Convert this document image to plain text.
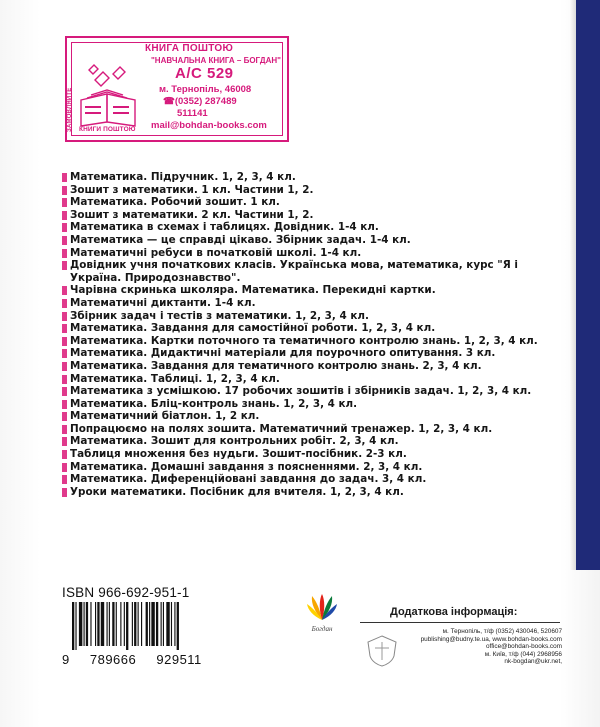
ЗАМОВЛЯЙТЕ КНИГИ ПОШТОЮ
КНИГА ПОШТОЮ
"НАВЧАЛЬНА КНИГА – БОГДАН"
А/С 529
м. Тернопіль, 46008
☎(0352) 287489
511141
mail@bohdan-books.com
Математика. Підручник. 1, 2, 3, 4 кл.
Зошит з математики. 1 кл. Частини 1, 2.
Математика. Робочий зошит. 1 кл.
Зошит з математики. 2 кл. Частини 1, 2.
Математика в схемах і таблицях. Довідник. 1-4 кл.
Математика — це справді цікаво. Збірник задач. 1-4 кл.
Математичні ребуси в початковій школі. 1-4 кл.
Довідник учня початкових класів. Українська мова, математика, курс "Я і Україна. Природознавство".
Чарівна скринька школяра. Математика. Перекидні картки.
Математичні диктанти. 1-4 кл.
Збірник задач і тестів з математики. 1, 2, 3, 4 кл.
Математика. Завдання для самостійної роботи. 1, 2, 3, 4 кл.
Математика. Картки поточного та тематичного контролю знань. 1, 2, 3, 4 кл.
Математика. Дидактичні матеріали для поурочного опитування. 3 кл.
Математика. Завдання для тематичного контролю знань. 2, 3, 4 кл.
Математика. Таблиці. 1, 2, 3, 4 кл.
Математика з усмішкою. 17 робочих зошитів і збірників задач. 1, 2, 3, 4 кл.
Математика. Бліц-контроль знань. 1, 2, 3, 4 кл.
Математичний біатлон. 1, 2 кл.
Попрацюємо на полях зошита. Математичний тренажер. 1, 2, 3, 4 кл.
Математика. Зошит для контрольних робіт. 2, 3, 4 кл.
Таблиця множення без нудьги. Зошит-посібник. 2-3 кл.
Математика. Домашні завдання з поясненнями. 2, 3, 4 кл.
Математика. Диференційовані завдання до задач. 3, 4 кл.
Уроки математики. Посібник для вчителя. 1, 2, 3, 4 кл.
ISBN 966-692-951-1
9 789666 929511
Богдан
Додаткова інформація:
м. Тернопіль, т/ф (0352) 430046, 520607
publishing@budny.te.ua, www.bohdan-books.com
office@bohdan-books.com
м. Київ, т/ф (044) 2968956
nk-bogdan@ukr.net,
